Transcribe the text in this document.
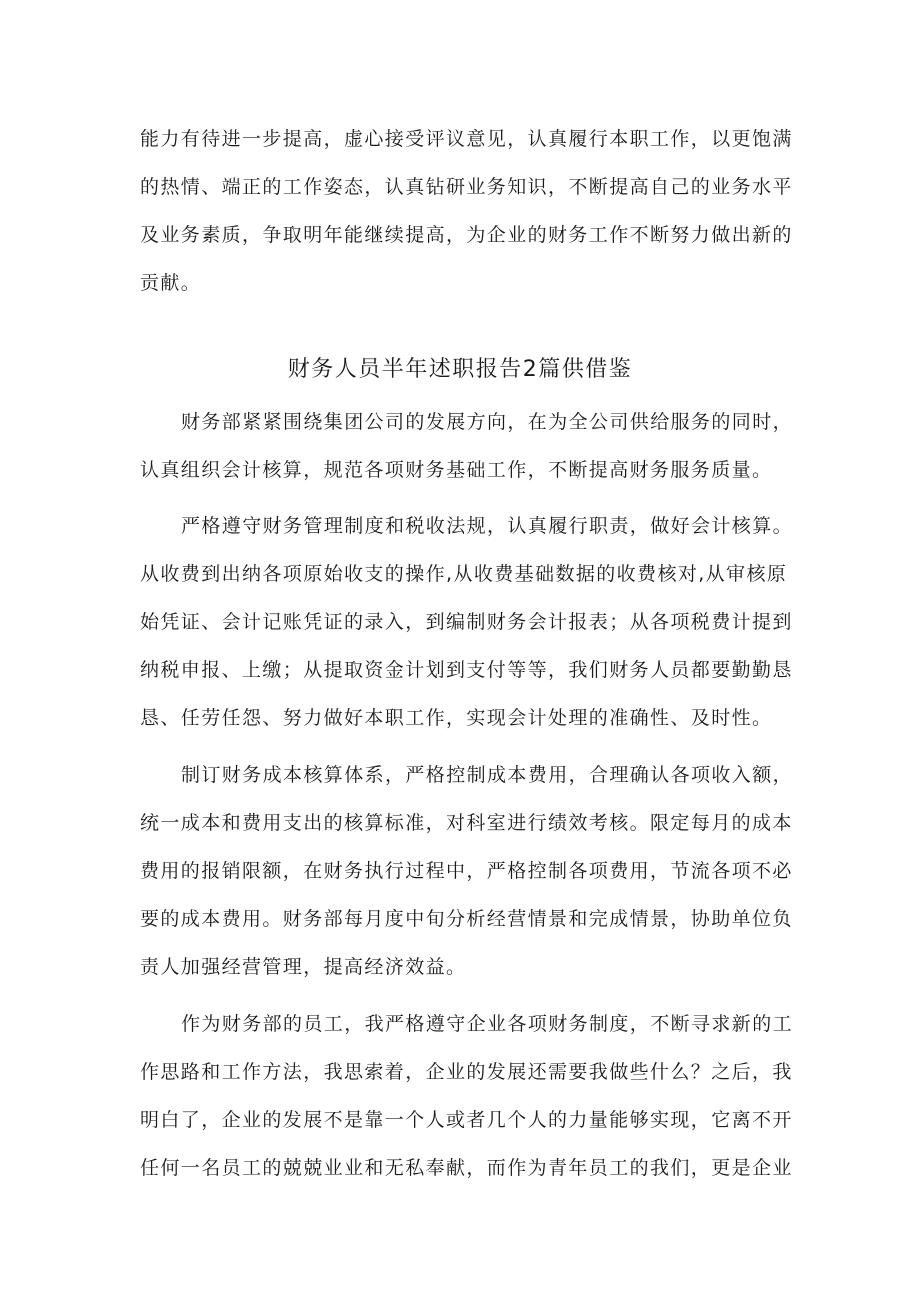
能力有待进一步提高，虚心接受评议意见，认真履行本职工作，以更饱满
的热情、端正的工作姿态，认真钻研业务知识，不断提高自己的业务水平
及业务素质，争取明年能继续提高，为企业的财务工作不断努力做出新的
贡献。
财务人员半年述职报告2篇供借鉴
财务部紧紧围绕集团公司的发展方向，在为全公司供给服务的同时，
认真组织会计核算，规范各项财务基础工作，不断提高财务服务质量。
严格遵守财务管理制度和税收法规，认真履行职责，做好会计核算。
从收费到出纳各项原始收支的操作,从收费基础数据的收费核对,从审核原
始凭证、会计记账凭证的录入，到编制财务会计报表；从各项税费计提到
纳税申报、上缴；从提取资金计划到支付等等，我们财务人员都要勤勤恳
恳、任劳任怨、努力做好本职工作，实现会计处理的准确性、及时性。
制订财务成本核算体系，严格控制成本费用，合理确认各项收入额，
统一成本和费用支出的核算标准，对科室进行绩效考核。限定每月的成本
费用的报销限额，在财务执行过程中，严格控制各项费用，节流各项不必
要的成本费用。财务部每月度中旬分析经营情景和完成情景，协助单位负
责人加强经营管理，提高经济效益。
作为财务部的员工，我严格遵守企业各项财务制度，不断寻求新的工
作思路和工作方法，我思索着，企业的发展还需要我做些什么？之后，我
明白了，企业的发展不是靠一个人或者几个人的力量能够实现，它离不开
任何一名员工的兢兢业业和无私奉献，而作为青年员工的我们，更是企业
